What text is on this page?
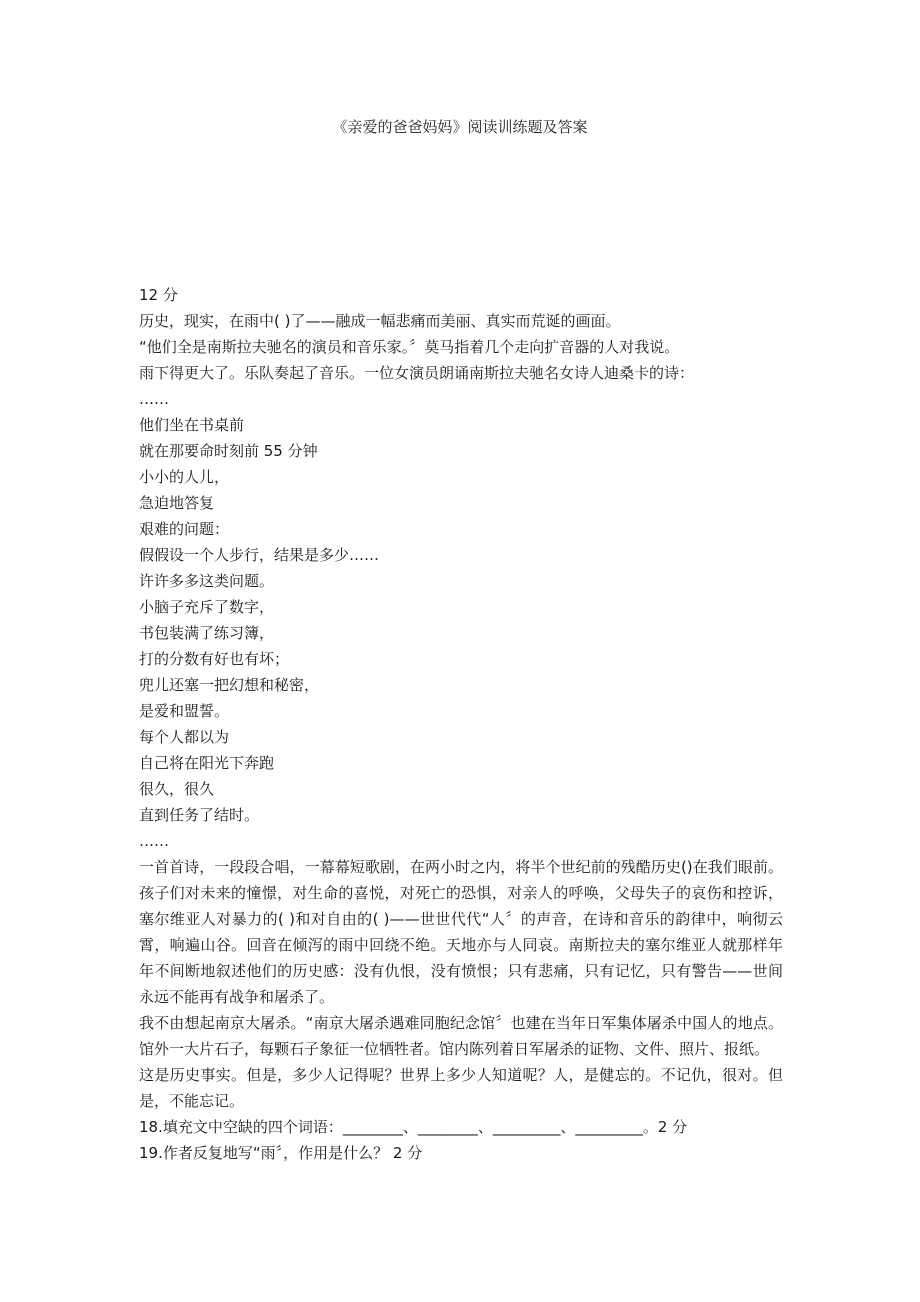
《亲爱的爸爸妈妈》阅读训练题及答案
12 分
历史，现实，在雨中( )了——融成一幅悲痛而美丽、真实而荒诞的画面。
“他们全是南斯拉夫驰名的演员和音乐家。〞莫马指着几个走向扩音器的人对我说。
雨下得更大了。乐队奏起了音乐。一位女演员朗诵南斯拉夫驰名女诗人迪桑卡的诗：
……
他们坐在书桌前
就在那要命时刻前 55 分钟
小小的人儿，
急迫地答复
艰难的问题：
假假设一个人步行，结果是多少……
许许多多这类问题。
小脑子充斥了数字，
书包装满了练习簿，
打的分数有好也有坏；
兜儿还塞一把幻想和秘密，
是爱和盟誓。
每个人都以为
自己将在阳光下奔跑
很久，很久
直到任务了结时。
……
一首首诗，一段段合唱，一幕幕短歌剧，在两小时之内，将半个世纪前的残酷历史()在我们眼前。孩子们对未来的憧憬，对生命的喜悦，对死亡的恐惧，对亲人的呼唤，父母失子的哀伤和控诉，塞尔维亚人对暴力的( )和对自由的( )——世世代代“人〞的声音，在诗和音乐的韵律中，响彻云霄，响遍山谷。回音在倾泻的雨中回绕不绝。天地亦与人同哀。南斯拉夫的塞尔维亚人就那样年年不间断地叙述他们的历史感：没有仇恨，没有愤恨；只有悲痛，只有记忆，只有警告——世间永远不能再有战争和屠杀了。
我不由想起南京大屠杀。“南京大屠杀遇难同胞纪念馆〞也建在当年日军集体屠杀中国人的地点。馆外一大片石子，每颗石子象征一位牺牲者。馆内陈列着日军屠杀的证物、文件、照片、报纸。
这是历史事实。但是，多少人记得呢？世界上多少人知道呢？人，是健忘的。不记仇，很对。但是，不能忘记。
18.填充文中空缺的四个词语：________、________、_________、_________。2 分
19.作者反复地写“雨〞，作用是什么？ 2 分
